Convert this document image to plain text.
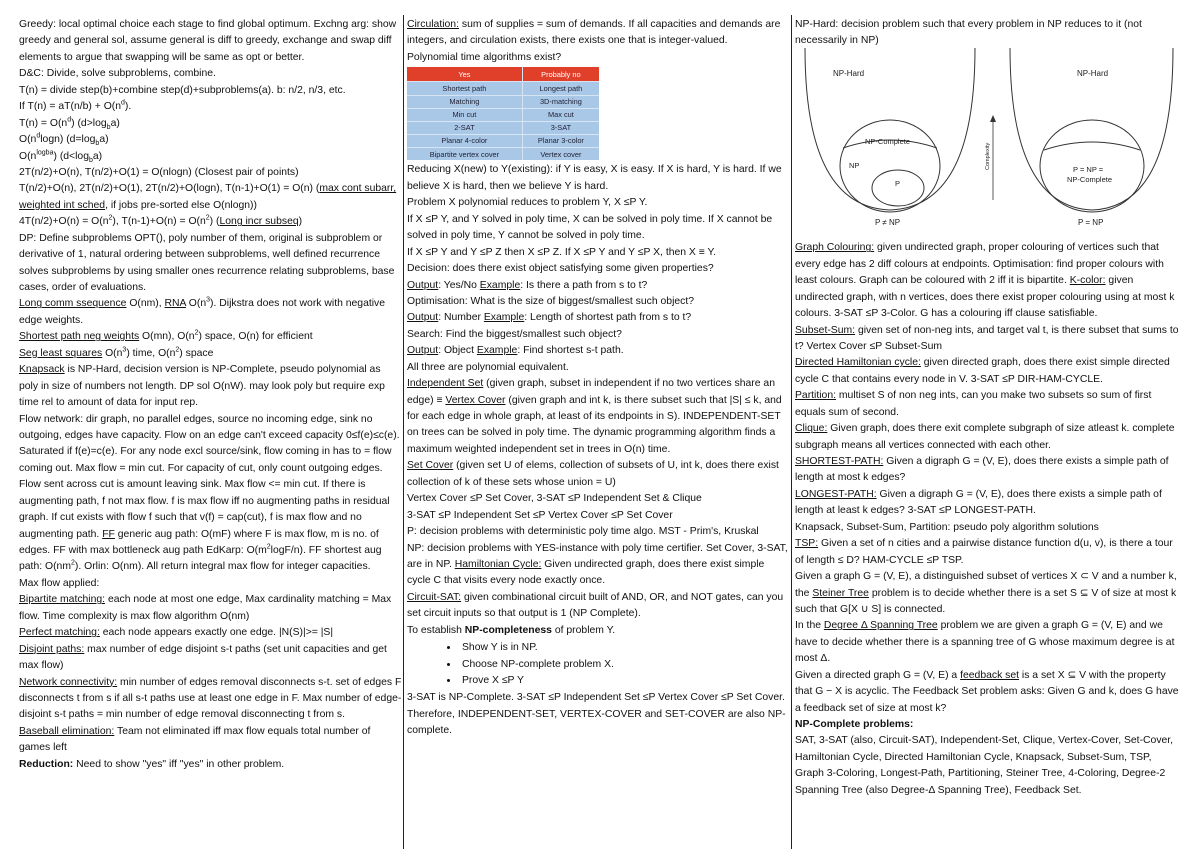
Greedy: local optimal choice each stage to find global optimum. Exchng arg: show greedy and general sol, assume general is diff to greedy, exchange and swap diff elements to argue that swapping will be same as opt or better.

D&C: Divide, solve subproblems, combine.

T(n) = divide step(b)+combine step(d)+subproblems(a). b: n/2, n/3, etc.

If $T(n) = aT(n/b) + O(n^d)$.

$T(n) = O(n^d)$ $(d>\log_ba)$

$O(n^d\log n)$ $(d=\log_ba)$

$O(n^{logba})$ $(d<\log_ba)$

2T(n/2)+O(n), T(n/2)+O(1) = O(nlogn) (Closest pair of points)

T(n/2)+O(n), 2T(n/2)+O(1), 2T(n/2)+O(logn), T(n-1)+O(1) = O(n) (max cont subarr, weighted int sched, if jobs pre-sorted else O(nlogn))

$4T(n/2)+O(n) = O(n^2)$, $T(n-1)+O(n) = O(n^2)$ (Long incr subseq)

DP: Define subproblems OPT(), poly number of them, original is subproblem or derivative of 1, natural ordering between subproblems, well defined recurrence solves subproblems by using smaller ones recurrence relating subproblems, base cases, order of evaluations.

Long comm ssequence O(nm), RNA $O(n^3)$. Dijkstra does not work with negative edge weights.

Shortest path neg weights O(mn), $O(n^2)$ space, O(n) for efficient

Seg least squares $O(n^3)$ time, $O(n^2)$ space

Knapsack is NP-Hard, decision version is NP-Complete, pseudo polynomial as poly in size of numbers not length. DP sol O(nW). may look poly but require exp time rel to amount of data for input rep.

Flow network: dir graph, no parallel edges, source no incoming edge, sink no outgoing, edges have capacity. Flow on an edge can't exceed capacity 0≤f(e)≤c(e). Saturated if f(e)=c(e). For any node excl source/sink, flow coming in has to = flow coming out. Max flow = min cut. For capacity of cut, only count outgoing edges. Flow sent across cut is amount leaving sink. Max flow <= min cut. If there is augmenting path, f not max flow. f is max flow iff no augmenting paths in residual graph. If cut exists with flow f such that v(f) = cap(cut), f is max flow and no augmenting path. FF generic aug path: O(mF) where F is max flow, m is no. of edges. FF with max bottleneck aug path EdKarp: $O(m^2\log F/n)$. FF shortest aug path: $O(nm^2)$. Orlin: O(nm). All return integral max flow for integer capacities.

Max flow applied:

Bipartite matching: each node at most one edge, Max cardinality matching = Max flow. Time complexity is max flow algorithm O(nm)

Perfect matching: each node appears exactly one edge. |N(S)|>= |S|

Disjoint paths: max number of edge disjoint s-t paths (set unit capacities and get max flow)

Network connectivity: min number of edges removal disconnects s-t. set of edges F disconnects t from s if all s-t paths use at least one edge in F. Max number of edge-disjoint s-t paths = min number of edge removal disconnecting t from s.

Baseball elimination: Team not eliminated iff max flow equals total number of games left

Reduction: Need to show "yes" iff "yes" in other problem.

Circulation: sum of supplies = sum of demands. If all capacities and demands are integers, and circulation exists, there exists one that is integer-valued.

Polynomial time algorithms exist?

Yes	Probably no
Shortest path	Longest path
Matching	3D-matching
Min cut	Max cut
2-SAT	3-SAT
Planar 4-color	Planar 3-color
Bipartite vertex cover	Vertex cover

Reducing X(new) to Y(existing): if Y is easy, X is easy. If X is hard, Y is hard. If we believe X is hard, then we believe Y is hard.

Problem X polynomial reduces to problem Y, X ≤P Y.

If X ≤P Y, and Y solved in poly time, X can be solved in poly time. If X cannot be solved in poly time, Y cannot be solved in poly time.

If X ≤P Y and Y ≤P Z then X ≤P Z. If X ≤P Y and Y ≤P X, then X ≡ Y.

Decision: does there exist object satisfying some given properties?

Output: Yes/No Example: Is there a path from s to t?

Optimisation: What is the size of biggest/smallest such object?

Output: Number Example: Length of shortest path from s to t?

Search: Find the biggest/smallest such object?

Output: Object Example: Find shortest s-t path.

All three are polynomial equivalent.

Independent Set (given graph, subset in independent if no two vertices share an edge) ≡ Vertex Cover (given graph and int k, is there subset such that |S| ≤ k, and for each edge in whole graph, at least of its endpoints in S). INDEPENDENT-SET on trees can be solved in poly time. The dynamic programming algorithm finds a maximum weighted independent set in trees in O(n) time.

Set Cover (given set U of elems, collection of subsets of U, int k, does there exist collection of k of these sets whose union = U)

Vertex Cover ≤P Set Cover, 3-SAT ≤P Independent Set & Clique

3-SAT ≤P Independent Set ≤P Vertex Cover ≤P Set Cover

P: decision problems with deterministic poly time algo. MST - Prim's, Kruskal

NP: decision problems with YES-instance with poly time certifier. Set Cover, 3-SAT, are in NP. Hamiltonian Cycle: Given undirected graph, does there exist simple cycle C that visits every node exactly once.

Circuit-SAT: given combinational circuit built of AND, OR, and NOT gates, can you set circuit inputs so that output is 1 (NP Complete).

To establish NP-completeness of problem Y.

• Show Y is in NP.
• Choose NP-complete problem X.
• Prove X ≤P Y

3-SAT is NP-Complete. 3-SAT ≤P Independent Set ≤P Vertex Cover ≤P Set Cover. Therefore, INDEPENDENT-SET, VERTEX-COVER and SET-COVER are also NP-complete.

NP-Hard: decision problem such that every problem in NP reduces to it (not necessarily in NP)

NP-Hard
NP-Complete
NP
P
P ≠ NP
Complexity
NP-Hard
P = NP =
NP-Complete
P = NP

Graph Colouring: given undirected graph, proper colouring of vertices such that every edge has 2 diff colours at endpoints. Optimisation: find proper colours with least colours. Graph can be coloured with 2 iff it is bipartite. K-color: given undirected graph, with n vertices, does there exist proper colouring using at most k colours. 3-SAT ≤P 3-Color. G has a colouring iff clause satisfiable.

Subset-Sum: given set of non-neg ints, and target val t, is there subset that sums to t? Vertex Cover ≤P Subset-Sum

Directed Hamiltonian cycle: given directed graph, does there exist simple directed cycle C that contains every node in V. 3-SAT ≤P DIR-HAM-CYCLE.

Partition: multiset S of non neg ints, can you make two subsets so sum of first equals sum of second.

Clique: Given graph, does there exit complete subgraph of size atleast k. complete subgraph means all vertices connected with each other.

SHORTEST-PATH: Given a digraph G = (V, E), does there exists a simple path of length at most k edges?

LONGEST-PATH: Given a digraph G = (V, E), does there exists a simple path of length at least k edges? 3-SAT ≤P LONGEST-PATH.

Knapsack, Subset-Sum, Partition: pseudo poly algorithm solutions

TSP: Given a set of n cities and a pairwise distance function d(u, v), is there a tour of length ≤ D? HAM-CYCLE ≤P TSP.

Given a graph G = (V, E), a distinguished subset of vertices X ⊂ V and a number k, the Steiner Tree problem is to decide whether there is a set S ⊆ V of size at most k such that G[X ∪ S] is connected.

In the Degree Δ Spanning Tree problem we are given a graph G = (V, E) and we have to decide whether there is a spanning tree of G whose maximum degree is at most Δ.

Given a directed graph G = (V, E) a feedback set is a set X ⊆ V with the property that G − X is acyclic. The Feedback Set problem asks: Given G and k, does G have a feedback set of size at most k?

NP-Complete problems:

SAT, 3-SAT (also, Circuit-SAT), Independent-Set, Clique, Vertex-Cover, Set-Cover, Hamiltonian Cycle, Directed Hamiltonian Cycle, Knapsack, Subset-Sum, TSP, Graph 3-Coloring, Longest-Path, Partitioning, Steiner Tree, 4-Coloring, Degree-2 Spanning Tree (also Degree-Δ Spanning Tree), Feedback Set.
